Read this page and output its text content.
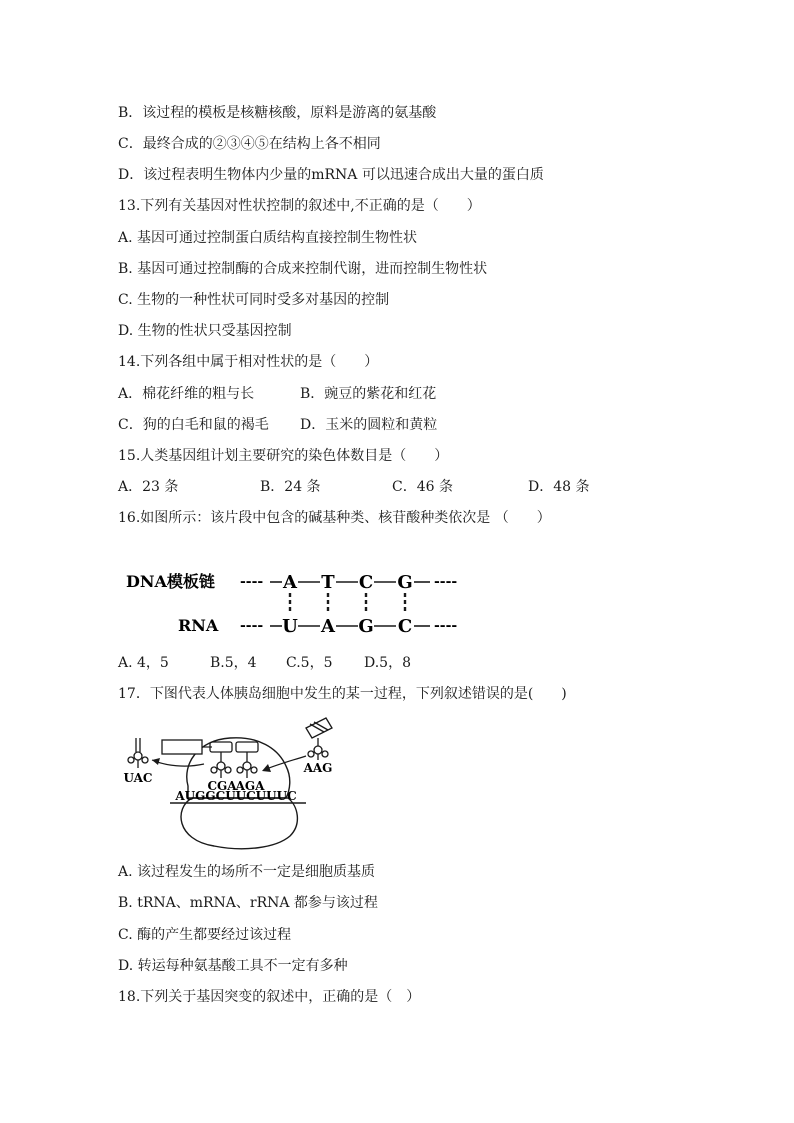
B．该过程的模板是核糖核酸，原料是游离的氨基酸
C．最终合成的②③④⑤在结构上各不相同
D．该过程表明生物体内少量的mRNA 可以迅速合成出大量的蛋白质
13.下列有关基因对性状控制的叙述中,不正确的是（　　）
A. 基因可通过控制蛋白质结构直接控制生物性状
B. 基因可通过控制酶的合成来控制代谢，进而控制生物性状
C. 生物的一种性状可同时受多对基因的控制
D. 生物的性状只受基因控制
14.下列各组中属于相对性状的是（　　）
A．棉花纤维的粗与长	B．豌豆的紫花和红花
C．狗的白毛和鼠的褐毛 D．玉米的圆粒和黄粒
15.人类基因组计划主要研究的染色体数目是（　　）
A．23 条	B．24 条	C．46 条	D．48 条
16.如图所示：该片段中包含的碱基种类、核苷酸种类依次是 （　　）
DNA模板链
RNA
----
----
----
----
A T C G
U A G C
A. 4，5	B.5，4 C.5，5 D.5，8
17．下图代表人体胰岛细胞中发生的某一过程，下列叙述错误的是(　　)
CGA AGA
AUGGCUUCUUUC
UAC
AAG
A. 该过程发生的场所不一定是细胞质基质
B. tRNA、mRNA、rRNA 都参与该过程
C. 酶的产生都要经过该过程
D. 转运每种氨基酸工具不一定有多种
18.下列关于基因突变的叙述中，正确的是（　）
